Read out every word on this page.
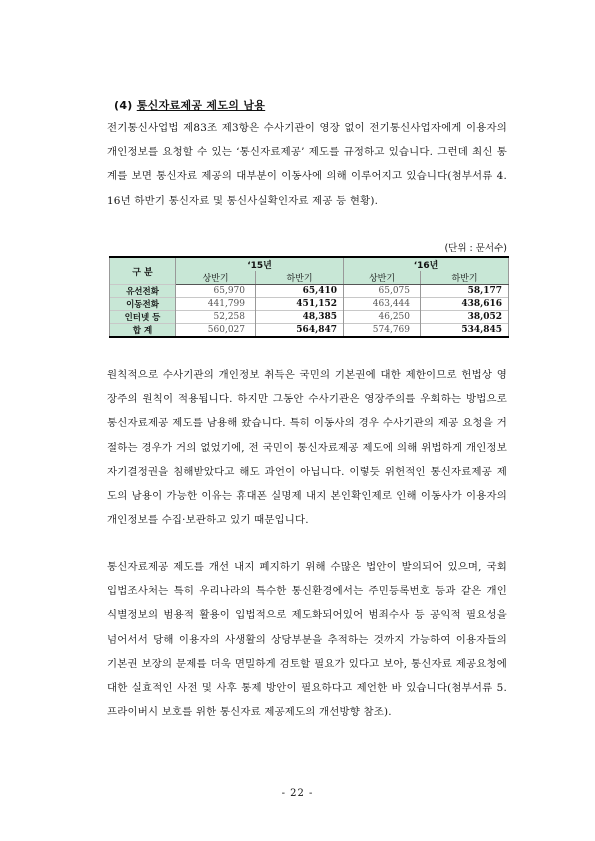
(4) 통신자료제공 제도의 남용
전기통신사업법 제83조 제3항은 수사기관이 영장 없이 전기통신사업자에게 이용자의 개인정보를 요청할 수 있는 ‘통신자료제공’ 제도를 규정하고 있습니다. 그런데 최신 통계를 보면 통신자료 제공의 대부분이 이동사에 의해 이루어지고 있습니다(첨부서류 4. 16년 하반기 통신자료 및 통신사실확인자료 제공 등 현황).
(단위 : 문서수)
구 분	‘15년		‘16년	
	상반기	하반기	상반기	하반기
유선전화	65,970	65,410	65,075	58,177
이동전화	441,799	451,152	463,444	438,616
인터넷 등	52,258	48,385	46,250	38,052
합 계	560,027	564,847	574,769	534,845
원칙적으로 수사기관의 개인정보 취득은 국민의 기본권에 대한 제한이므로 헌법상 영장주의 원칙이 적용됩니다. 하지만 그동안 수사기관은 영장주의를 우회하는 방법으로 통신자료제공 제도를 남용해 왔습니다. 특히 이동사의 경우 수사기관의 제공 요청을 거절하는 경우가 거의 없었기에, 전 국민이 통신자료제공 제도에 의해 위법하게 개인정보자기결정권을 침해받았다고 해도 과언이 아닙니다. 이렇듯 위헌적인 통신자료제공 제도의 남용이 가능한 이유는 휴대폰 실명제 내지 본인확인제로 인해 이동사가 이용자의 개인정보를 수집·보관하고 있기 때문입니다.
통신자료제공 제도를 개선 내지 폐지하기 위해 수많은 법안이 발의되어 있으며, 국회 입법조사처는 특히 우리나라의 특수한 통신환경에서는 주민등록번호 등과 같은 개인 식별정보의 범용적 활용이 입법적으로 제도화되어있어 범죄수사 등 공익적 필요성을 넘어서서 당해 이용자의 사생활의 상당부분을 추적하는 것까지 가능하여 이용자들의 기본권 보장의 문제를 더욱 면밀하게 검토할 필요가 있다고 보아, 통신자료 제공요청에 대한 실효적인 사전 및 사후 통제 방안이 필요하다고 제언한 바 있습니다(첨부서류 5. 프라이버시 보호를 위한 통신자료 제공제도의 개선방향 참조).
- 22 -
